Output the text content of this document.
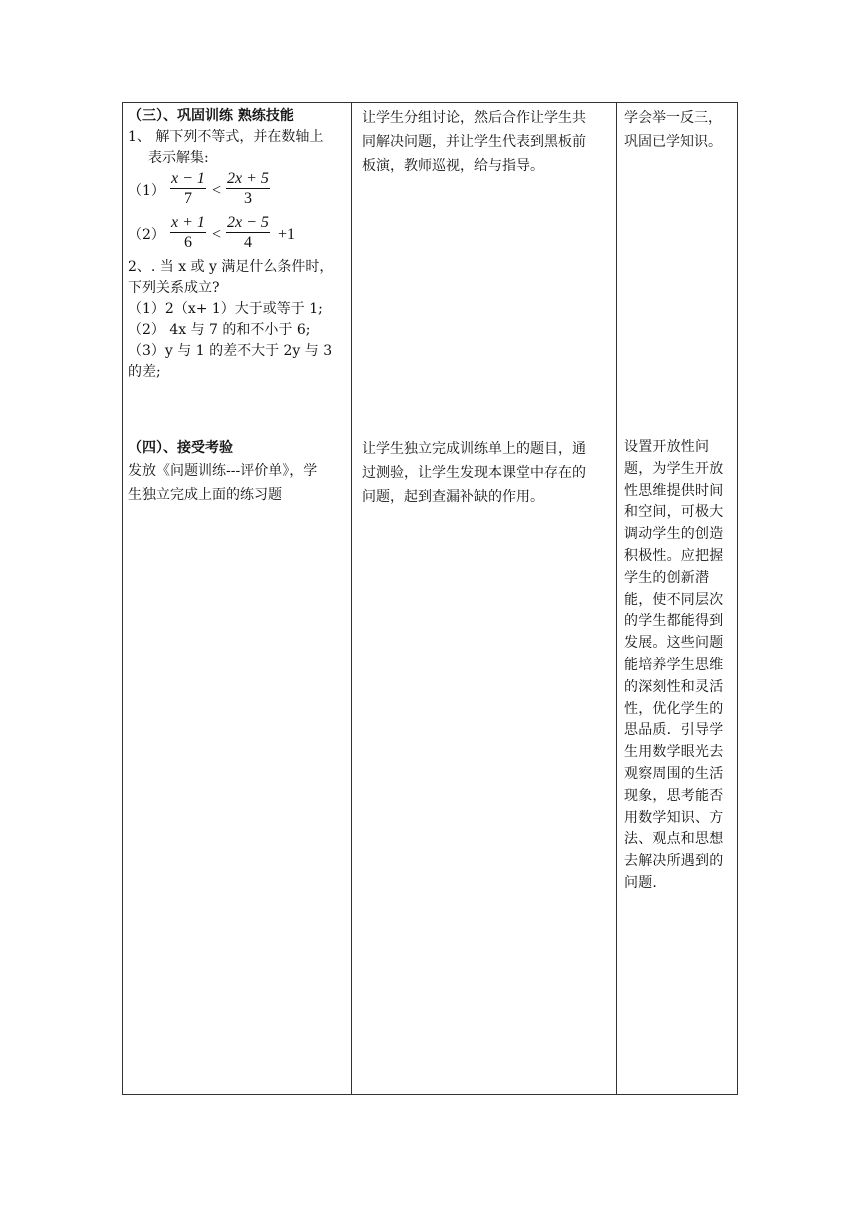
（三）、巩固训练 熟练技能
1、 解下列不等式，并在数轴上
表示解集:
$(1) \frac{x - 1}{7} < \frac{2x + 5}{3}$
$(2) \frac{x + 1}{6} < \frac{2x - 5}{4} +1$
2、. 当 x 或 y 满足什么条件时，
下列关系成立?
（1）2（x+ 1）大于或等于 1;
（2） 4x 与 7 的和不小于 6;
（3）y 与 1 的差不大于 2y 与 3
的差;
（四）、接受考验
发放《问题训练---评价单》，学
生独立完成上面的练习题
让学生分组讨论，然后合作让学生共
同解决问题，并让学生代表到黑板前
板演，教师巡视，给与指导。
让学生独立完成训练单上的题目，通
过测验，让学生发现本课堂中存在的
问题，起到查漏补缺的作用。
学会举一反三，
巩固已学知识。
设置开放性问
题，为学生开放
性思维提供时间
和空间，可极大
调动学生的创造
积极性。应把握
学生的创新潜
能，使不同层次
的学生都能得到
发展。这些问题
能培养学生思维
的深刻性和灵活
性，优化学生的
思品质．引导学
生用数学眼光去
观察周围的生活
现象，思考能否
用数学知识、方
法、观点和思想
去解决所遇到的
问题.
